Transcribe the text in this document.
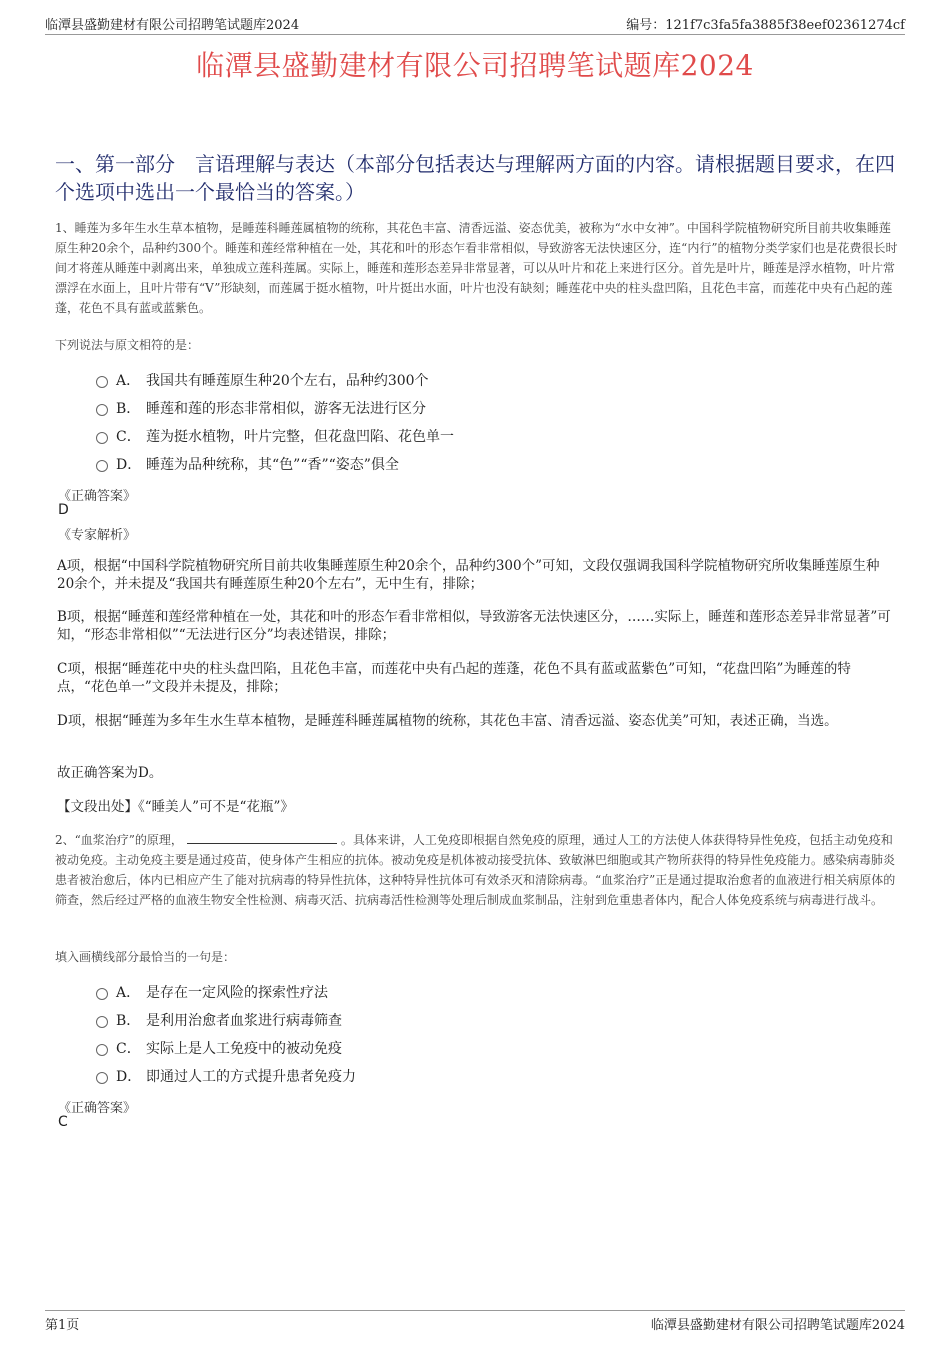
临潭县盛勤建材有限公司招聘笔试题库2024	编号：121f7c3fa5fa3885f38eef02361274cf
临潭县盛勤建材有限公司招聘笔试题库2024
一、第一部分　言语理解与表达（本部分包括表达与理解两方面的内容。请根据题目要求，在四个选项中选出一个最恰当的答案。）
1、睡莲为多年生水生草本植物，是睡莲科睡莲属植物的统称，其花色丰富、清香远溢、姿态优美，被称为“水中女神”。中国科学院植物研究所目前共收集睡莲原生种20余个，品种约300个。睡莲和莲经常种植在一处，其花和叶的形态乍看非常相似，导致游客无法快速区分，连“内行”的植物分类学家们也是花费很长时间才将莲从睡莲中剥离出来，单独成立莲科莲属。实际上，睡莲和莲形态差异非常显著，可以从叶片和花上来进行区分。首先是叶片，睡莲是浮水植物，叶片常漂浮在水面上，且叶片带有“V”形缺刻，而莲属于挺水植物，叶片挺出水面，叶片也没有缺刻；睡莲花中央的柱头盘凹陷，且花色丰富，而莲花中央有凸起的莲蓬，花色不具有蓝或蓝紫色。
下列说法与原文相符的是：
A． 我国共有睡莲原生种20个左右，品种约300个
B． 睡莲和莲的形态非常相似，游客无法进行区分
C． 莲为挺水植物，叶片完整，但花盘凹陷、花色单一
D． 睡莲为品种统称，其“色”“香”“姿态”俱全
《正确答案》
D
《专家解析》
A项，根据“中国科学院植物研究所目前共收集睡莲原生种20余个，品种约300个”可知，文段仅强调我国科学院植物研究所收集睡莲原生种20余个，并未提及“我国共有睡莲原生种20个左右”，无中生有，排除；
B项，根据“睡莲和莲经常种植在一处，其花和叶的形态乍看非常相似，导致游客无法快速区分，……实际上，睡莲和莲形态差异非常显著”可知，“形态非常相似”“无法进行区分”均表述错误，排除；
C项，根据“睡莲花中央的柱头盘凹陷，且花色丰富，而莲花中央有凸起的莲蓬，花色不具有蓝或蓝紫色”可知，“花盘凹陷”为睡莲的特点，“花色单一”文段并未提及，排除；
D项，根据“睡莲为多年生水生草本植物，是睡莲科睡莲属植物的统称，其花色丰富、清香远溢、姿态优美”可知，表述正确，当选。
故正确答案为D。
【文段出处】《“睡美人”可不是“花瓶”》
2、“血浆治疗”的原理，	。具体来讲，人工免疫即根据自然免疫的原理，通过人工的方法使人体获得特异性免疫，包括主动免疫和被动免疫。主动免疫主要是通过疫苗，使身体产生相应的抗体。被动免疫是机体被动接受抗体、致敏淋巴细胞或其产物所获得的特异性免疫能力。感染病毒肺炎患者被治愈后，体内已相应产生了能对抗病毒的特异性抗体，这种特异性抗体可有效杀灭和清除病毒。“血浆治疗”正是通过提取治愈者的血液进行相关病原体的筛查，然后经过严格的血液生物安全性检测、病毒灭活、抗病毒活性检测等处理后制成血浆制品，注射到危重患者体内，配合人体免疫系统与病毒进行战斗。
填入画横线部分最恰当的一句是：
A． 是存在一定风险的探索性疗法
B． 是利用治愈者血浆进行病毒筛查
C． 实际上是人工免疫中的被动免疫
D． 即通过人工的方式提升患者免疫力
《正确答案》
C
第1页	临潭县盛勤建材有限公司招聘笔试题库2024
